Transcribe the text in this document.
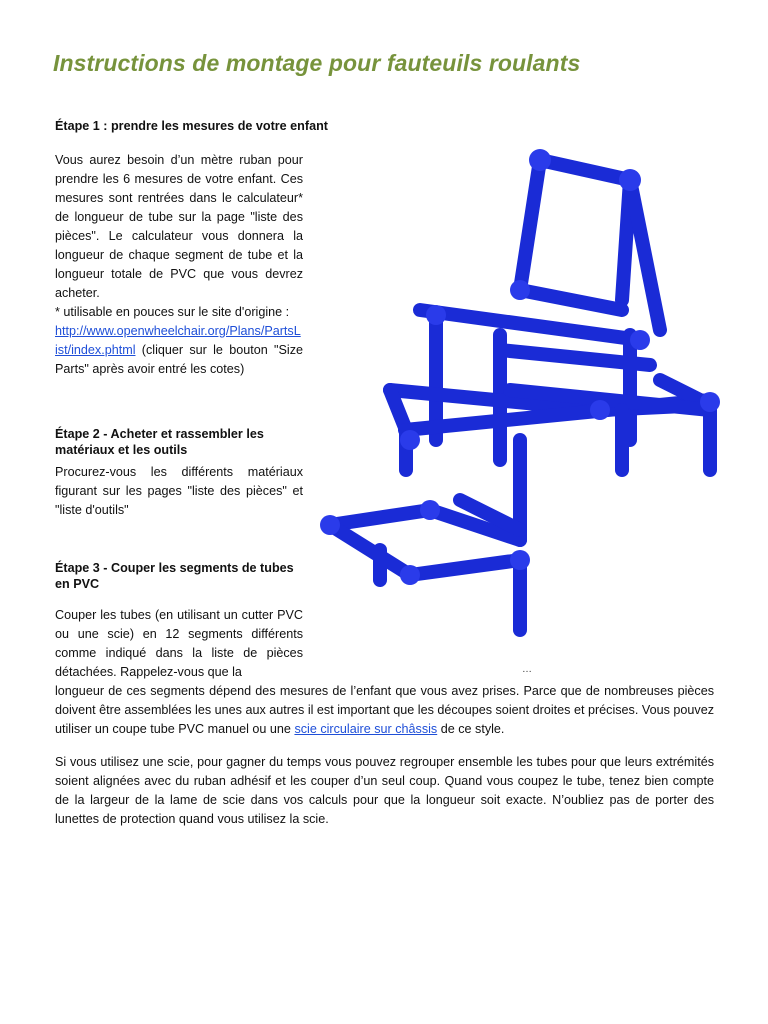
Instructions de montage pour fauteuils roulants
Étape 1 : prendre les mesures de votre enfant

Vous aurez besoin d’un mètre ruban pour prendre les 6 mesures de votre enfant. Ces mesures sont rentrées dans le calculateur* de longueur de tube sur la page "liste des pièces". Le calculateur vous donnera la longueur de chaque segment de tube et la longueur totale de PVC que vous devrez acheter.
* utilisable en pouces sur le site d'origine :
http://www.openwheelchair.org/Plans/PartsList/index.phtml (cliquer sur le bouton "Size Parts" après avoir entré les cotes)

Étape 2 - Acheter et rassembler les matériaux et les outils

Procurez-vous les différents matériaux figurant sur les pages "liste des pièces" et "liste d'outils"

Étape 3 - Couper les segments de tubes en PVC

Couper les tubes (en utilisant un cutter PVC ou une scie) en 12 segments différents comme indiqué dans la liste de pièces détachées. Rappelez-vous que la

longueur de ces segments dépend des mesures de l’enfant que vous avez prises. Parce que de nombreuses pièces doivent être assemblées les unes aux autres il est important que les découpes soient droites et précises. Vous pouvez utiliser un coupe tube PVC manuel ou une scie circulaire sur châssis de ce style.

Si vous utilisez une scie, pour gagner du temps vous pouvez regrouper ensemble les tubes pour que leurs extrémités soient alignées avec du ruban adhésif et les couper d’un seul coup. Quand vous coupez le tube, tenez bien compte de la largeur de la lame de scie dans vos calculs pour que la longueur soit exacte. N’oubliez pas de porter des lunettes de protection quand vous utilisez la scie.

…
